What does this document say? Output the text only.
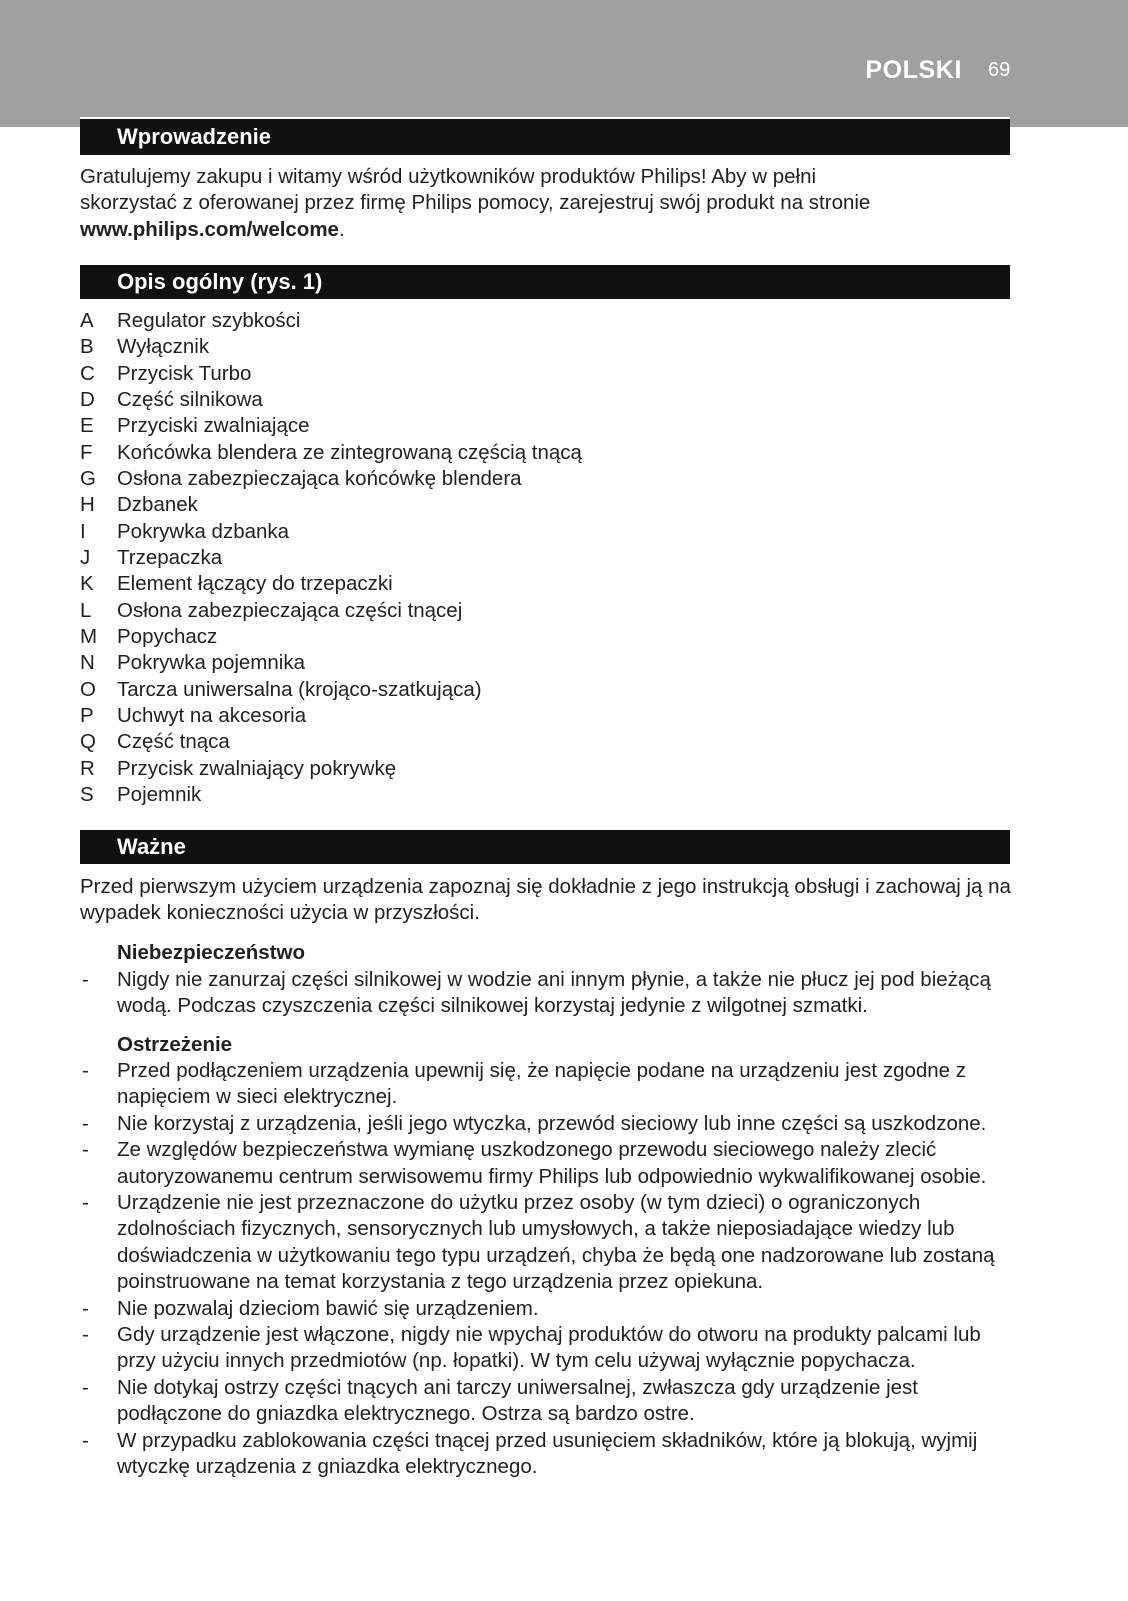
POLSKI 69
Wprowadzenie
Gratulujemy zakupu i witamy wśród użytkowników produktów Philips! Aby w pełni
skorzystać z oferowanej przez firmę Philips pomocy, zarejestruj swój produkt na stronie
www.philips.com/welcome.
Opis ogólny (rys. 1)
A	Regulator szybkości
B	Wyłącznik
C	Przycisk Turbo
D	Część silnikowa
E	Przyciski zwalniające
F	Końcówka blendera ze zintegrowaną częścią tnącą
G	Osłona zabezpieczająca końcówkę blendera
H	Dzbanek
I	Pokrywka dzbanka
J	Trzepaczka
K	Element łączący do trzepaczki
L	Osłona zabezpieczająca części tnącej
M Popychacz
N	Pokrywka pojemnika
O	Tarcza uniwersalna (krojąco-szatkująca)
P	Uchwyt na akcesoria
Q	Część tnąca
R	Przycisk zwalniający pokrywkę
S	Pojemnik
Ważne
Przed pierwszym użyciem urządzenia zapoznaj się dokładnie z jego instrukcją obsługi i zachowaj ją na
wypadek konieczności użycia w przyszłości.
Niebezpieczeństwo
-	Nigdy nie zanurzaj części silnikowej w wodzie ani innym płynie, a także nie płucz jej pod bieżącą
wodą. Podczas czyszczenia części silnikowej korzystaj jedynie z wilgotnej szmatki.
Ostrzeżenie
-	Przed podłączeniem urządzenia upewnij się, że napięcie podane na urządzeniu jest zgodne z
napięciem w sieci elektrycznej.
-	Nie korzystaj z urządzenia, jeśli jego wtyczka, przewód sieciowy lub inne części są uszkodzone.
-	Ze względów bezpieczeństwa wymianę uszkodzonego przewodu sieciowego należy zlecić
autoryzowanemu centrum serwisowemu firmy Philips lub odpowiednio wykwalifikowanej osobie.
-	Urządzenie nie jest przeznaczone do użytku przez osoby (w tym dzieci) o ograniczonych
zdolnościach fizycznych, sensorycznych lub umysłowych, a także nieposiadające wiedzy lub
doświadczenia w użytkowaniu tego typu urządzeń, chyba że będą one nadzorowane lub zostaną
poinstruowane na temat korzystania z tego urządzenia przez opiekuna.
-	Nie pozwalaj dzieciom bawić się urządzeniem.
-	Gdy urządzenie jest włączone, nigdy nie wpychaj produktów do otworu na produkty palcami lub
przy użyciu innych przedmiotów (np. łopatki). W tym celu używaj wyłącznie popychacza.
-	Nie dotykaj ostrzy części tnących ani tarczy uniwersalnej, zwłaszcza gdy urządzenie jest
podłączone do gniazdka elektrycznego. Ostrza są bardzo ostre.
-	W przypadku zablokowania części tnącej przed usunięciem składników, które ją blokują, wyjmij
wtyczkę urządzenia z gniazdka elektrycznego.
